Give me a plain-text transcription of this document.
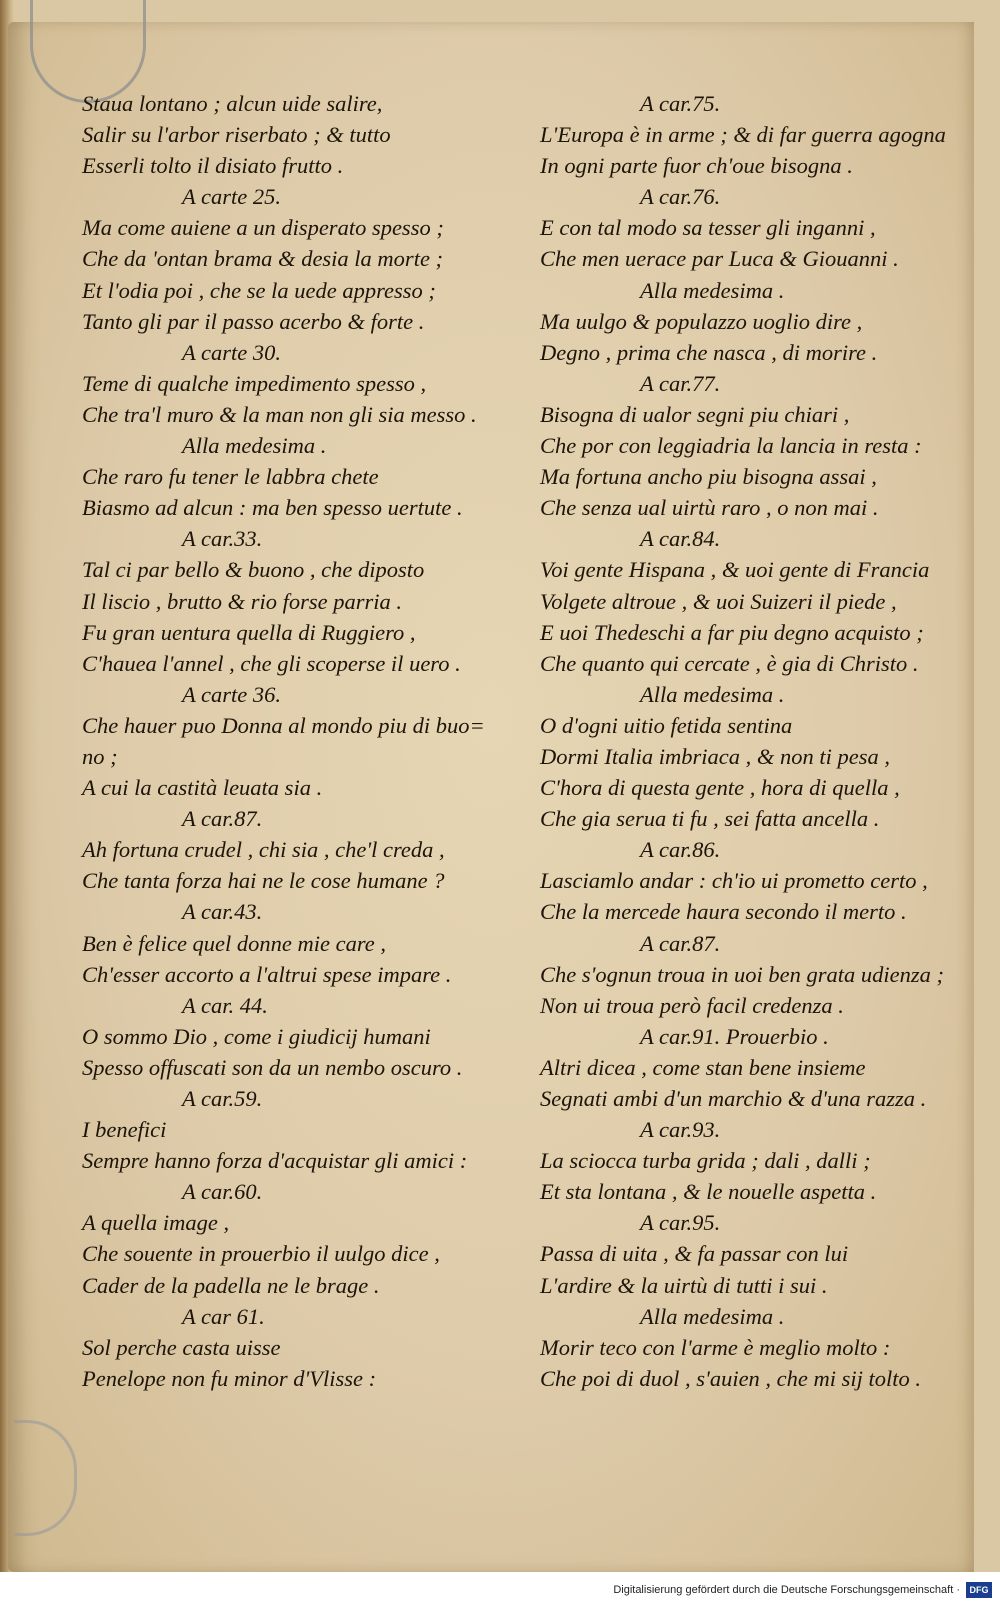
Staua lontano ; alcun uide salire,
Salir su l'arbor riserbato ; & tutto
Esserli tolto il disiato frutto .
A carte 25.
Ma come auiene a un disperato spesso ;
Che da 'ontan brama & desia la morte ;
Et l'odia poi , che se la uede appresso ;
Tanto gli par il passo acerbo & forte .
A carte 30.
Teme di qualche impedimento spesso ,
Che tra'l muro & la man non gli sia messo .
Alla medesima .
Che raro fu tener le labbra chete
Biasmo ad alcun : ma ben spesso uertute .
A car.33.
Tal ci par bello & buono , che diposto
Il liscio , brutto & rio forse parria .
Fu gran uentura quella di Ruggiero ,
C'hauea l'annel , che gli scoperse il uero .
A carte 36.
Che hauer puo Donna al mondo piu di buo=
no ;
A cui la castità leuata sia .
A car.87.
Ah fortuna crudel , chi sia , che'l creda ,
Che tanta forza hai ne le cose humane ?
A car.43.
Ben è felice quel donne mie care ,
Ch'esser accorto a l'altrui spese impare .
A car. 44.
O sommo Dio , come i giudicij humani
Spesso offuscati son da un nembo oscuro .
A car.59.
I benefici
Sempre hanno forza d'acquistar gli amici :
A car.60.
A quella image ,
Che souente in prouerbio il uulgo dice ,
Cader de la padella ne le brage .
A car 61.
Sol perche casta uisse
Penelope non fu minor d'Vlisse :
A car.75.
L'Europa è in arme ; & di far guerra agogna
In ogni parte fuor ch'oue bisogna .
A car.76.
E con tal modo sa tesser gli inganni ,
Che men uerace par Luca & Giouanni .
Alla medesima .
Ma uulgo & populazzo uoglio dire ,
Degno , prima che nasca , di morire .
A car.77.
Bisogna di ualor segni piu chiari ,
Che por con leggiadria la lancia in resta :
Ma fortuna ancho piu bisogna assai ,
Che senza ual uirtù raro , o non mai .
A car.84.
Voi gente Hispana , & uoi gente di Francia
Volgete altroue , & uoi Suizeri il piede ,
E uoi Thedeschi a far piu degno acquisto ;
Che quanto qui cercate , è gia di Christo .
Alla medesima .
O d'ogni uitio fetida sentina
Dormi Italia imbriaca , & non ti pesa ,
C'hora di questa gente , hora di quella ,
Che gia serua ti fu , sei fatta ancella .
A car.86.
Lasciamlo andar : ch'io ui prometto certo ,
Che la mercede haura secondo il merto .
A car.87.
Che s'ognun troua in uoi ben grata udienza ;
Non ui troua però facil credenza .
A car.91. Prouerbio .
Altri dicea , come stan bene insieme
Segnati ambi d'un marchio & d'una razza .
A car.93.
La sciocca turba grida ; dali , dalli ;
Et sta lontana , & le nouelle aspetta .
A car.95.
Passa di uita , & fa passar con lui
L'ardire & la uirtù di tutti i sui .
Alla medesima .
Morir teco con l'arme è meglio molto :
Che poi di duol , s'auien , che mi sij tolto .
Digitalisierung gefördert durch die Deutsche Forschungsgemeinschaft ·	DFG
